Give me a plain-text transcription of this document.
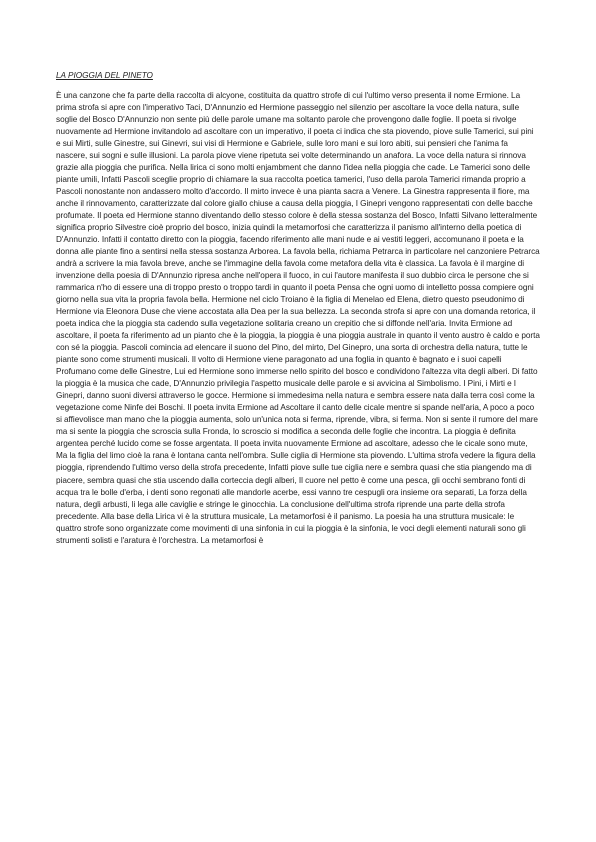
LA PIOGGIA DEL PINETO

È una canzone che fa parte della raccolta di alcyone, costituita da quattro strofe di cui l'ultimo verso presenta il nome Ermione. La prima strofa si apre con l'imperativo Taci, D'Annunzio ed Hermione passeggio nel silenzio per ascoltare la voce della natura, sulle soglie del Bosco D'Annunzio non sente più delle parole umane ma soltanto parole che provengono dalle foglie. Il poeta si rivolge nuovamente ad Hermione invitandolo ad ascoltare con un imperativo, il poeta ci indica che sta piovendo, piove sulle Tamerici, sui pini e sui Mirti, sulle Ginestre, sui Ginevri, sui visi di Hermione e Gabriele, sulle loro mani e sui loro abiti, sui pensieri che l'anima fa nascere, sui sogni e sulle illusioni. La parola piove viene ripetuta sei volte determinando un anafora. La voce della natura si rinnova grazie alla pioggia che purifica. Nella lirica ci sono molti enjambment che danno l'idea nella pioggia che cade. Le Tamerici sono delle piante umili, Infatti Pascoli sceglie proprio di chiamare la sua raccolta poetica tamerici, l'uso della parola Tamerici rimanda proprio a Pascoli nonostante non andassero molto d'accordo. Il mirto invece è una pianta sacra a Venere. La Ginestra rappresenta il fiore, ma anche il rinnovamento, caratterizzate dal colore giallo chiuse a causa della pioggia, I Ginepri vengono rappresentati con delle bacche profumate. Il poeta ed Hermione stanno diventando dello stesso colore è della stessa sostanza del Bosco, Infatti Silvano letteralmente significa proprio Silvestre cioè proprio del bosco, inizia quindi la metamorfosi che caratterizza il panismo all'interno della poetica di D'Annunzio. Infatti il contatto diretto con la pioggia, facendo riferimento alle mani nude e ai vestiti leggeri, accomunano il poeta e la donna alle piante fino a sentirsi nella stessa sostanza Arborea. La favola bella, richiama Petrarca in particolare nel canzoniere Petrarca andrà a scrivere la mia favola breve, anche se l'immagine della favola come metafora della vita è classica. La favola è il margine di invenzione della poesia di D'Annunzio ripresa anche nell'opera il fuoco, in cui l'autore manifesta il suo dubbio circa le persone che si rammarica n'ho di essere una di troppo presto o troppo tardi in quanto il poeta Pensa che ogni uomo di intelletto possa compiere ogni giorno nella sua vita la propria favola bella. Hermione nel ciclo Troiano è la figlia di Menelao ed Elena, dietro questo pseudonimo di Hermione via Eleonora Duse che viene accostata alla Dea per la sua bellezza. La seconda strofa si apre con una domanda retorica, il poeta indica che la pioggia sta cadendo sulla vegetazione solitaria creano un crepitio che si diffonde nell'aria. Invita Ermione ad ascoltare, il poeta fa riferimento ad un pianto che è la pioggia, la pioggia è una pioggia australe in quanto il vento austro è caldo e porta con sé la pioggia. Pascoli comincia ad elencare il suono del Pino, del mirto, Del Ginepro, una sorta di orchestra della natura, tutte le piante sono come strumenti musicali. Il volto di Hermione viene paragonato ad una foglia in quanto è bagnato e i suoi capelli Profumano come delle Ginestre, Lui ed Hermione sono immerse nello spirito del bosco e condividono l'altezza vita degli alberi. Di fatto la pioggia è la musica che cade, D'Annunzio privilegia l'aspetto musicale delle parole e si avvicina al Simbolismo. I Pini, i Mirti e I Ginepri, danno suoni diversi attraverso le gocce. Hermione si immedesima nella natura e sembra essere nata dalla terra così come la vegetazione come Ninfe dei Boschi. Il poeta invita Ermione ad Ascoltare il canto delle cicale mentre si spande nell'aria, A poco a poco si affievolisce man mano che la pioggia aumenta, solo un'unica nota si ferma, riprende, vibra, si ferma. Non si sente il rumore del mare ma si sente la pioggia che scroscia sulla Fronda, lo scroscio si modifica a seconda delle foglie che incontra. La pioggia è definita argentea perché lucido come se fosse argentata. Il poeta invita nuovamente Ermione ad ascoltare, adesso che le cicale sono mute, Ma la figlia del limo cioè la rana è lontana canta nell'ombra. Sulle ciglia di Hermione sta piovendo. L'ultima strofa vedere la figura della pioggia, riprendendo l'ultimo verso della strofa precedente, Infatti piove sulle tue ciglia nere e sembra quasi che stia piangendo ma di piacere, sembra quasi che stia uscendo dalla corteccia degli alberi, Il cuore nel petto è come una pesca, gli occhi sembrano fonti di acqua tra le bolle d'erba, i denti sono regonati alle mandorle acerbe, essi vanno tre cespugli ora insieme ora separati, La forza della natura, degli arbusti, li lega alle caviglie e stringe le ginocchia. La conclusione dell'ultima strofa riprende una parte della strofa precedente. Alla base della Lirica vi è la struttura musicale, La metamorfosi è il panismo. La poesia ha una struttura musicale: le quattro strofe sono organizzate come movimenti di una sinfonia in cui la pioggia è la sinfonia, le voci degli elementi naturali sono gli strumenti solisti e l'aratura è l'orchestra. La metamorfosi è
